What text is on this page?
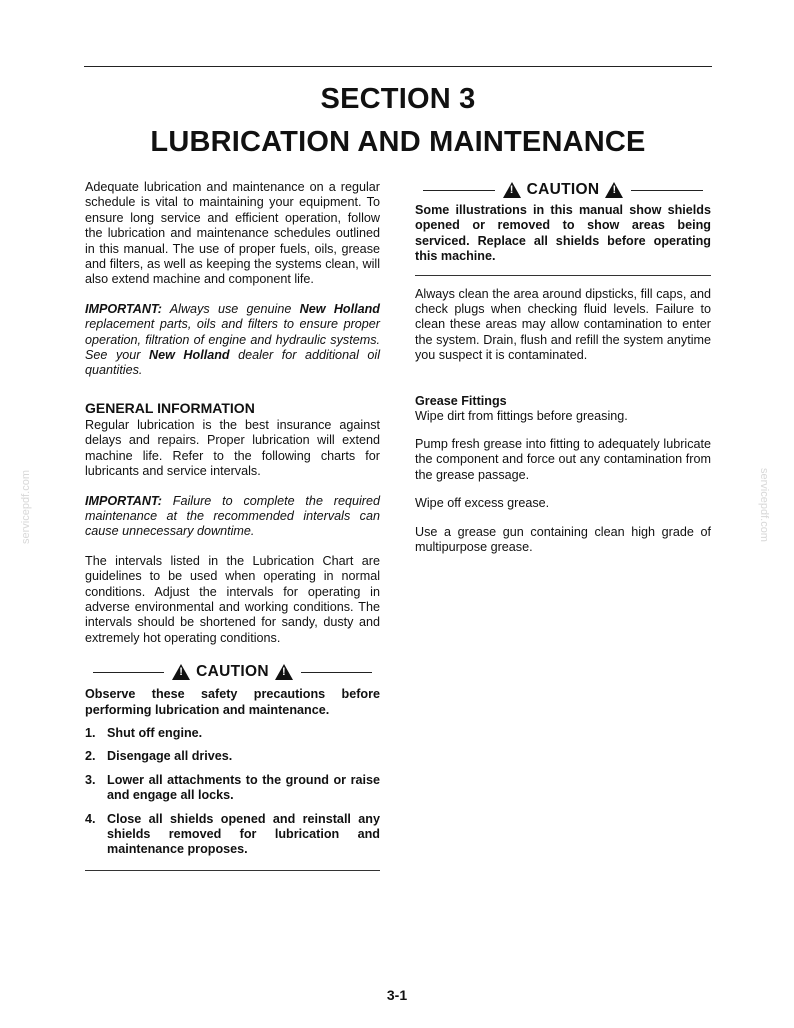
SECTION 3
LUBRICATION AND MAINTENANCE
servicepdf.com	servicepdf.com

Adequate lubrication and maintenance on a regular schedule is vital to maintaining your equipment. To ensure long service and efficient operation, follow the lubrication and maintenance schedules outlined in this manual. The use of proper fuels, oils, grease and filters, as well as keeping the systems clean, will also extend machine and component life.

IMPORTANT: Always use genuine New Holland replacement parts, oils and filters to ensure proper operation, filtration of engine and hydraulic systems. See your New Holland dealer for additional oil quantities.

GENERAL INFORMATION

Regular lubrication is the best insurance against delays and repairs. Proper lubrication will extend machine life. Refer to the following charts for lubricants and service intervals.

IMPORTANT: Failure to complete the required maintenance at the recommended intervals can cause unnecessary downtime.

The intervals listed in the Lubrication Chart are guidelines to be used when operating in normal conditions. Adjust the intervals for operating in adverse environmental and working conditions. The intervals should be shortened for sandy, dusty and extremely hot operating conditions.

! CAUTION !

Observe these safety precautions before performing lubrication and maintenance.

1. Shut off engine.
2. Disengage all drives.
3. Lower all attachments to the ground or raise and engage all locks.
4. Close all shields opened and reinstall any shields removed for lubrication and maintenance proposes.
! CAUTION !

Some illustrations in this manual show shields opened or removed to show areas being serviced. Replace all shields before operating this machine.

Always clean the area around dipsticks, fill caps, and check plugs when checking fluid levels. Failure to clean these areas may allow contamination to enter the system. Drain, flush and refill the system anytime you suspect it is contaminated.

Grease Fittings

Wipe dirt from fittings before greasing.

Pump fresh grease into fitting to adequately lubricate the component and force out any contamination from the grease passage.

Wipe off excess grease.

Use a grease gun containing clean high grade of multipurpose grease.

3-1
